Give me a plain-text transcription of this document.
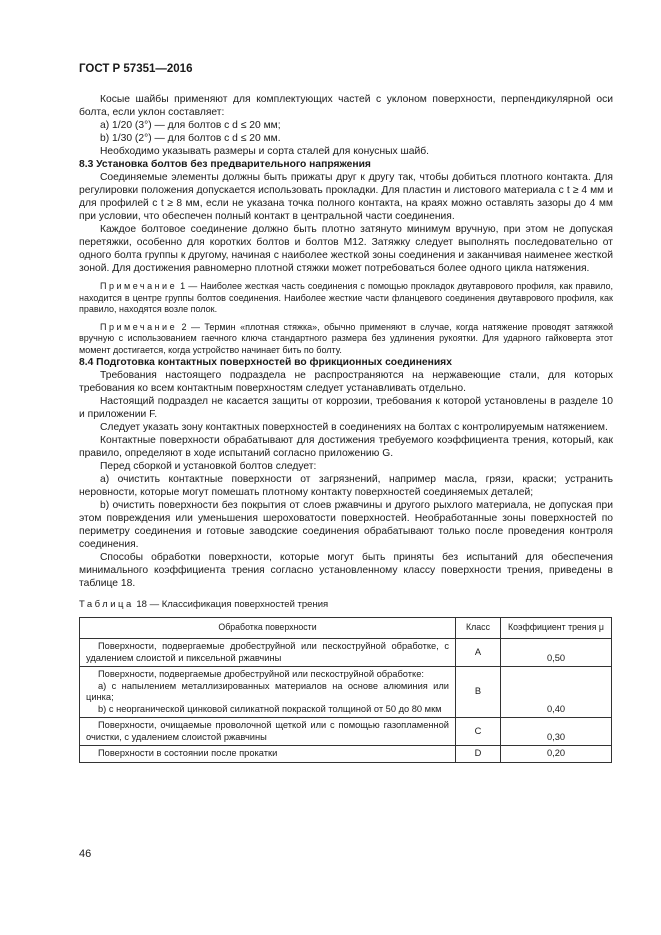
ГОСТ Р 57351—2016

Косые шайбы применяют для комплектующих частей с уклоном поверхности, перпендикулярной оси болта, если уклон составляет:

a) 1/20 (3°) — для болтов с d ≤ 20 мм;

b) 1/30 (2°) — для болтов с d ≤ 20 мм.

Необходимо указывать размеры и сорта сталей для конусных шайб.

8.3 Установка болтов без предварительного напряжения

Соединяемые элементы должны быть прижаты друг к другу так, чтобы добиться плотного контакта. Для регулировки положения допускается использовать прокладки. Для пластин и листового материала с t ≥ 4 мм и для профилей с t ≥ 8 мм, если не указана точка полного контакта, на краях можно оставлять зазоры до 4 мм при условии, что обеспечен полный контакт в центральной части соединения.

Каждое болтовое соединение должно быть плотно затянуто минимум вручную, при этом не допуская перетяжки, особенно для коротких болтов и болтов М12. Затяжку следует выполнять последовательно от одного болта группы к другому, начиная с наиболее жесткой зоны соединения и заканчивая наименее жесткой зоной. Для достижения равномерно плотной стяжки может потребоваться более одного цикла натяжения.

Примечание 1 — Наиболее жесткая часть соединения с помощью прокладок двутаврового профиля, как правило, находится в центре группы болтов соединения. Наиболее жесткие части фланцевого соединения двутаврового профиля, как правило, находятся возле полок.

Примечание 2 — Термин «плотная стяжка», обычно применяют в случае, когда натяжение проводят затяжкой вручную с использованием гаечного ключа стандартного размера без удлинения рукоятки. Для ударного гайковерта этот момент достигается, когда устройство начинает бить по болту.

8.4 Подготовка контактных поверхностей во фрикционных соединениях

Требования настоящего подраздела не распространяются на нержавеющие стали, для которых требования ко всем контактным поверхностям следует устанавливать отдельно.

Настоящий подраздел не касается защиты от коррозии, требования к которой установлены в разделе 10 и приложении F.

Следует указать зону контактных поверхностей в соединениях на болтах с контролируемым натяжением.

Контактные поверхности обрабатывают для достижения требуемого коэффициента трения, который, как правило, определяют в ходе испытаний согласно приложению G.

Перед сборкой и установкой болтов следует:

a) очистить контактные поверхности от загрязнений, например масла, грязи, краски; устранить неровности, которые могут помешать плотному контакту поверхностей соединяемых деталей;

b) очистить поверхности без покрытия от слоев ржавчины и другого рыхлого материала, не допуская при этом повреждения или уменьшения шероховатости поверхностей. Необработанные зоны поверхностей по периметру соединения и готовые заводские соединения обрабатывают только после проведения контроля соединения.

Способы обработки поверхности, которые могут быть приняты без испытаний для обеспечения минимального коэффициента трения согласно установленному классу поверхности трения, приведены в таблице 18.

Таблица 18 — Классификация поверхностей трения

Обработка поверхности	Класс	Коэффициент трения μ

Поверхности, подвергаемые дробеструйной или пескоструйной обработке, с удалением слоистой и пиксельной ржавчины	A	0,50

Поверхности, подвергаемые дробеструйной или пескоструйной обработке:

a) с напылением металлизированных материалов на основе алюминия или цинка;

b) с неорганической цинковой силикатной покраской толщиной от 50 до 80 мкм	B	0,40

Поверхности, очищаемые проволочной щеткой или с помощью газопламенной очистки, с удалением слоистой ржавчины	C	0,30

Поверхности в состоянии после прокатки	D	0,20
46
